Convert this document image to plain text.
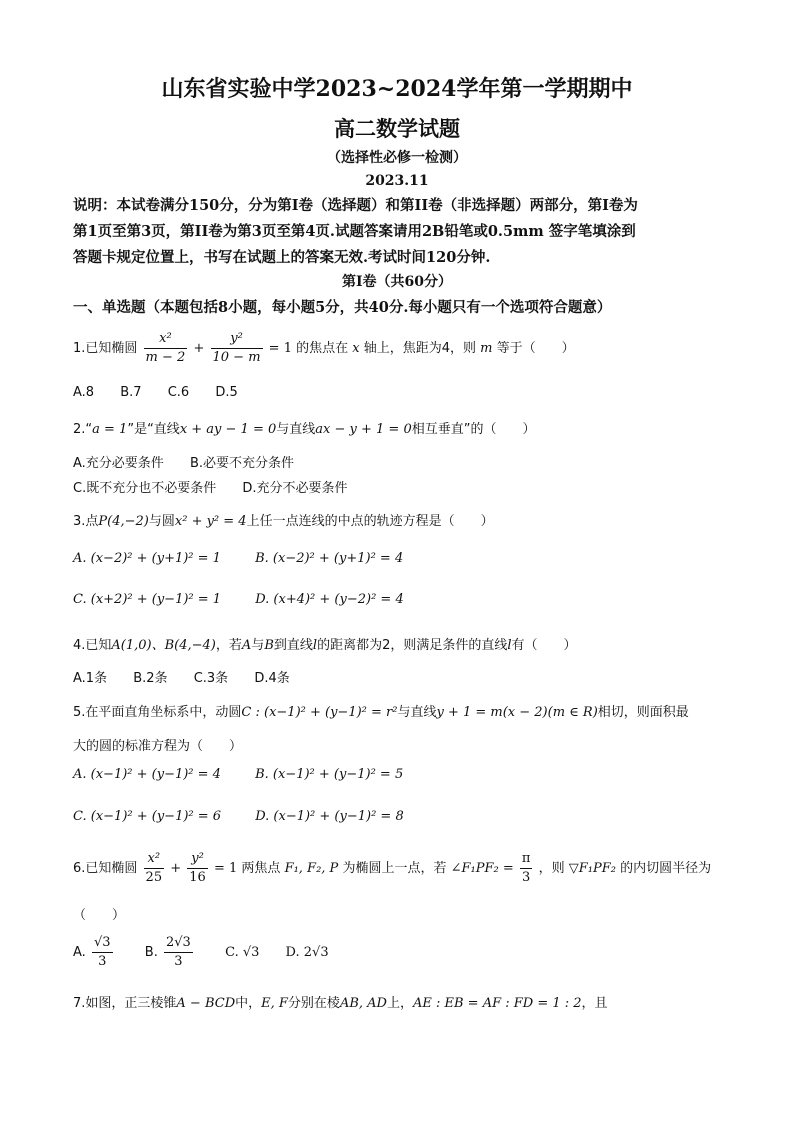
山东省实验中学2023~2024学年第一学期期中
高二数学试题
（选择性必修一检测）
2023.11
说明：本试卷满分150分，分为第I卷（选择题）和第II卷（非选择题）两部分，第I卷为
第1页至第3页，第II卷为第3页至第4页.试题答案请用2B铅笔或0.5mm 签字笔填涂到
答题卡规定位置上，书写在试题上的答案无效.考试时间120分钟.
第I卷（共60分）
一、单选题（本题包括8小题，每小题5分，共40分.每小题只有一个选项符合题意）
1.已知椭圆 $\frac{\text{x²}}{m - 2} + \frac{\text{y²}}{10 - m} = 1$ 的焦点在 x 轴上，焦距为4，则 m 等于（　　）
A.8 B.7 C.6 D.5
2.“a = 1”是“直线x + ay − 1 = 0与直线ax − y + 1 = 0相互垂直”的（　　）
A.充分必要条件 B.必要不充分条件
C.既不充分也不必要条件 D.充分不必要条件
3.点P(4,−2)与圆x² + y² = 4上任一点连线的中点的轨迹方程是（　　）
A. (x−2)² + (y+1)² = 1	B. (x−2)² + (y+1)² = 4
C. (x+2)² + (y−1)² = 1	D. (x+4)² + (y−2)² = 4
4.已知A(1,0)、B(4,−4)，若A与B到直线l的距离都为2，则满足条件的直线l有（　　）
A.1条 B.2条 C.3条 D.4条
5.在平面直角坐标系中，动圆C : (x−1)² + (y−1)² = r²与直线y + 1 = m(x − 2)(m ∈ R)相切，则面积最
大的圆的标准方程为（　　）
A. (x−1)² + (y−1)² = 4	B. (x−1)² + (y−1)² = 5
C. (x−1)² + (y−1)² = 6	D. (x−1)² + (y−1)² = 8
6.已知椭圆 $\frac{\text{x²}}{25} + \frac{\text{y²}}{16} = 1$ 两焦点 F₁, F₂, P 为椭圆上一点，若 ∠F₁PF₂ = $\frac{\pi}{3}$ ，则 ▽F₁PF₂ 的内切圆半径为
（　　）
A. $\frac{√3}{3} B$. $\frac{2√3}{3} C$. √3 D. 2√3
7.如图，正三棱锥A − BCD中，E, F分别在棱AB, AD上，AE : EB = AF : FD = 1 : 2，且
